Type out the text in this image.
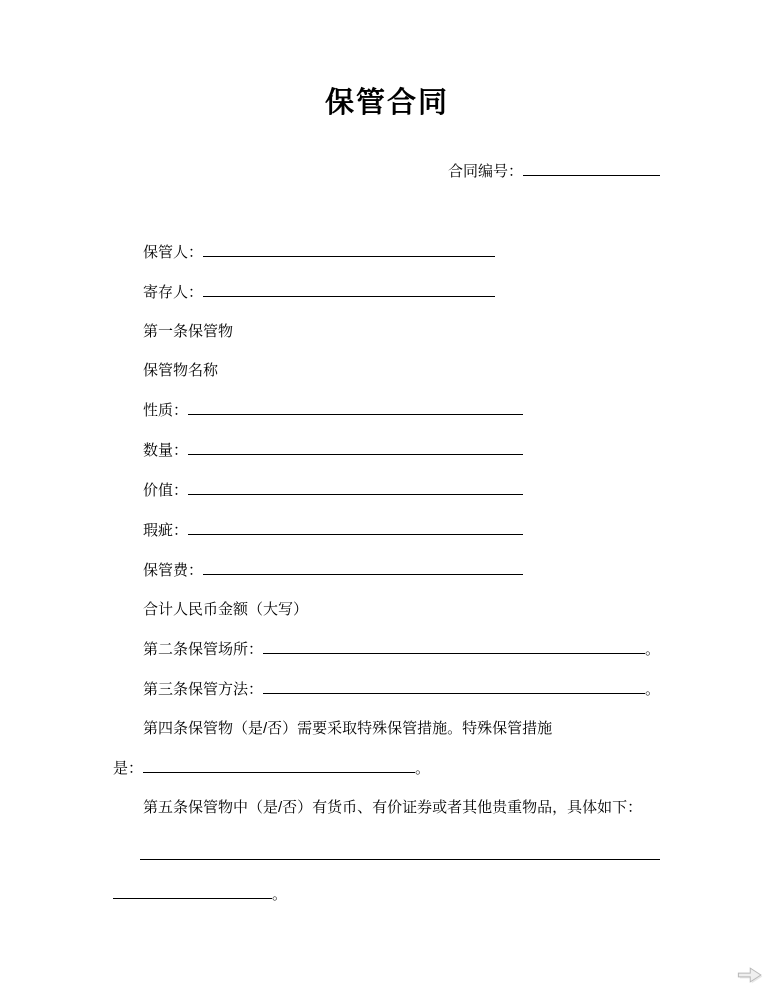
保管合同
合同编号：
保管人：
寄存人：
第一条保管物
保管物名称
性质：
数量：
价值：
瑕疵：
保管费：
合计人民币金额（大写）
第二条保管场所：	。
第三条保管方法：	。
第四条保管物（是/否）需要采取特殊保管措施。特殊保管措施
是：	。
第五条保管物中（是/否）有货币、有价证券或者其他贵重物品，具体如下：
。
